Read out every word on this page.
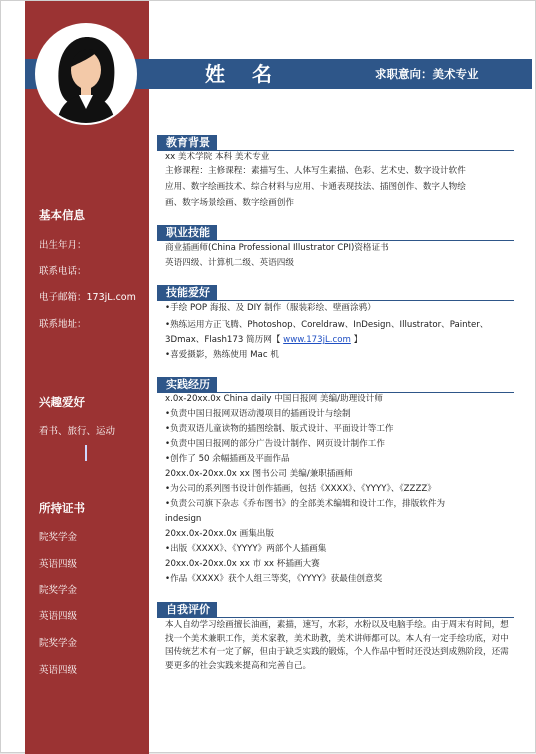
姓 名	求职意向：美术专业
基本信息
出生年月：
联系电话：
电子邮箱：173jL.com
联系地址：
兴趣爱好
看书、旅行、运动
所持证书
院奖学金
英语四级
院奖学金
英语四级
院奖学金
英语四级
教育背景
xx 美术学院 本科 美术专业
主修课程：主修课程：素描写生、人体写生素描、色彩、艺术史、数字设计软件
应用、数字绘画技术、综合材料与应用、卡通表现技法、插图创作、数字人物绘
画、数字场景绘画、数字绘画创作
职业技能
商业插画师(China Professional Illustrator CPI)资格证书
英语四级、计算机二级、英语四级
技能爱好
•手绘 POP 海报、及 DIY 制作（服装彩绘、壁画涂鸦）
•熟练运用方正飞腾、Photoshop、Coreldraw、InDesign、Illustrator、Painter、
3Dmax、Flash173 简历网【 www.173jL.com 】
•喜爱摄影，熟练使用 Mac 机
实践经历
x.0x-20xx.0x China daily 中国日报网 美编/助理设计师
•负责中国日报网双语动漫项目的插画设计与绘制
•负责双语儿童读物的插图绘制、版式设计、平面设计等工作
•负责中国日报网的部分广告设计制作、网页设计制作工作
•创作了 50 余幅插画及平面作品
20xx.0x-20xx.0x xx 图书公司 美编/兼职插画师
•为公司的系列图书设计创作插画，包括《XXXX》、《YYYY》、《ZZZZ》
•负责公司旗下杂志《乔布图书》的全部美术编辑和设计工作，排版软件为
indesign
20xx.0x-20xx.0x 画集出版
•出版《XXXX》、《YYYY》两部个人插画集
20xx.0x-20xx.0x xx 市 xx 杯插画大赛
•作品《XXXX》获个人组三等奖，《YYYY》获最佳创意奖
自我评价
本人自幼学习绘画擅长油画，素描，速写，水彩，水粉以及电脑手绘。由于周末有时间，想找一个美术兼职工作，美术家教，美术助教，美术讲师都可以。本人有一定手绘功底，对中国传统艺术有一定了解，但由于缺乏实践的锻炼，个人作品中暂时还没达到成熟阶段，还需要更多的社会实践来提高和完善自己。
